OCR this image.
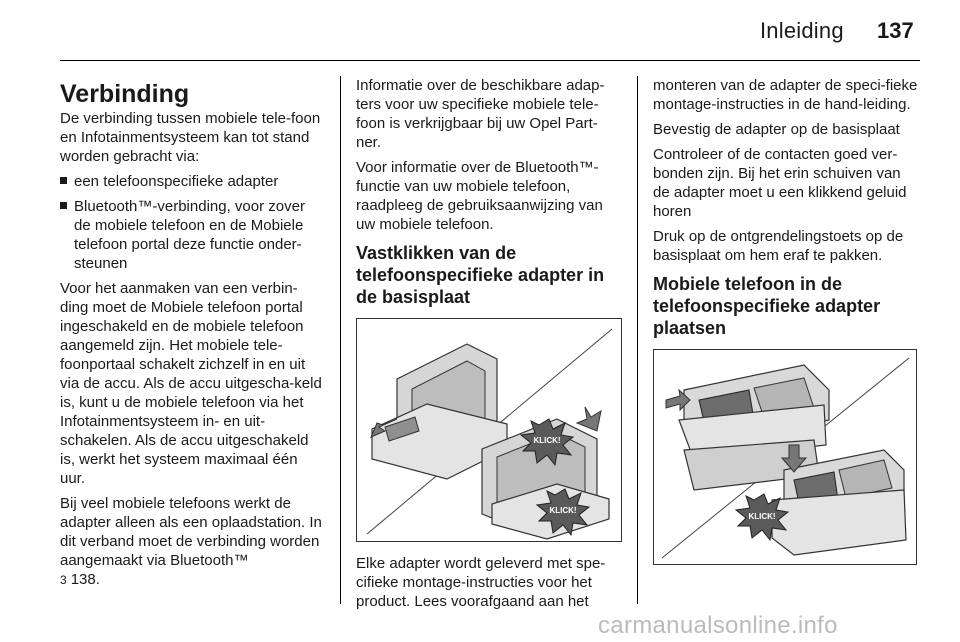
Inleiding 137
Verbinding

De verbinding tussen mobiele tele-foon en Infotainmentsysteem kan tot stand worden gebracht via:

een telefoonspecifieke adapter
Bluetooth™-verbinding, voor zover de mobiele telefoon en de Mobiele telefoon portal deze functie onder-steunen

Voor het aanmaken van een verbin-ding moet de Mobiele telefoon portal ingeschakeld en de mobiele telefoon aangemeld zijn. Het mobiele tele-foonportaal schakelt zichzelf in en uit via de accu. Als de accu uitgescha-keld is, kunt u de mobiele telefoon via het Infotainmentsysteem in- en uit-schakelen. Als de accu uitgeschakeld is, werkt het systeem maximaal één uur.

Bij veel mobiele telefoons werkt de adapter alleen als een oplaadstation. In dit verband moet de verbinding worden aangemaakt via Bluetooth™
3 138.

Informatie over de beschikbare adap-ters voor uw specifieke mobiele tele-foon is verkrijgbaar bij uw Opel Part-ner.

Voor informatie over de Bluetooth™-functie van uw mobiele telefoon, raadpleeg de gebruiksaanwijzing van uw mobiele telefoon.

Vastklikken van de telefoonspecifieke adapter in de basisplaat
KLICK!
KLICK!

Elke adapter wordt geleverd met spe-cifieke montage-instructies voor het product. Lees voorafgaand aan het

monteren van de adapter de speci-fieke montage-instructies in de hand-leiding.

Bevestig de adapter op de basisplaat

Controleer of de contacten goed ver-bonden zijn. Bij het erin schuiven van de adapter moet u een klikkend geluid horen

Druk op de ontgrendelingstoets op de basisplaat om hem eraf te pakken.

Mobiele telefoon in de telefoonspecifieke adapter plaatsen
KLICK!
carmanualsonline.info
